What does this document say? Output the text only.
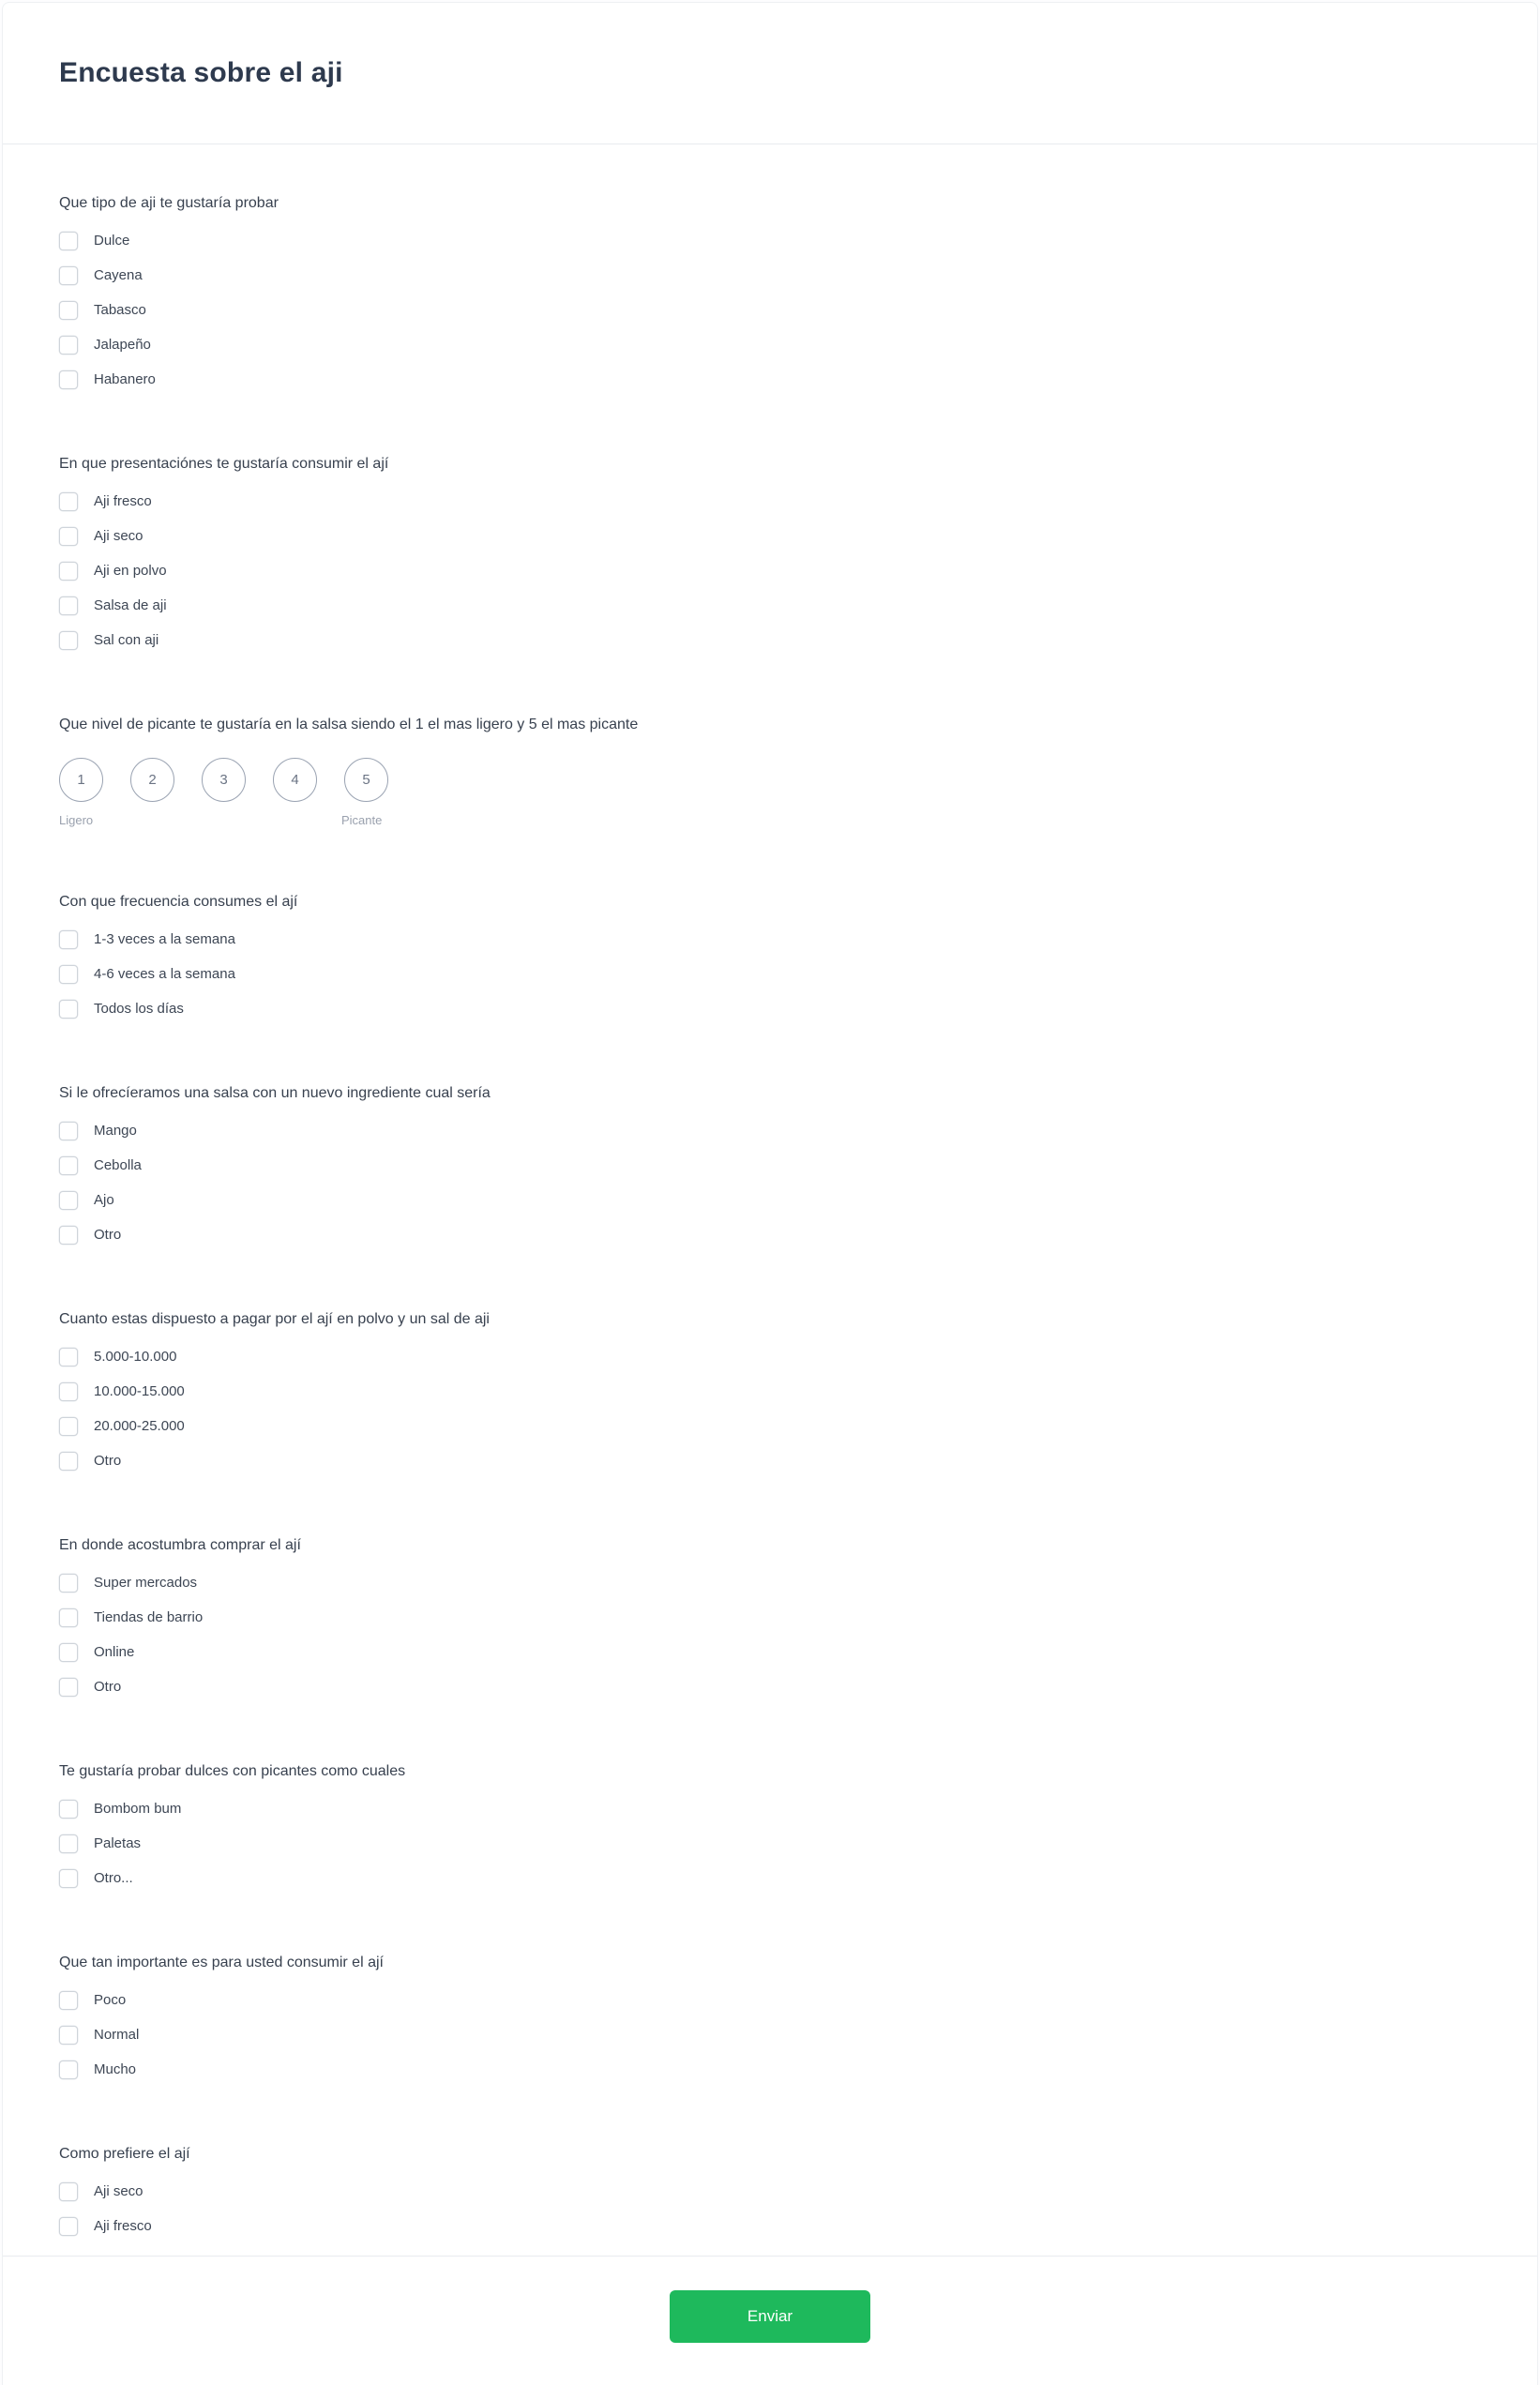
Encuesta sobre el aji
Que tipo de aji te gustaría probar
Dulce
Cayena
Tabasco
Jalapeño
Habanero
En que presentaciónes te gustaría consumir el ají
Aji fresco
Aji seco
Aji en polvo
Salsa de aji
Sal con aji
Que nivel de picante te gustaría en la salsa siendo el 1 el mas ligero y 5 el mas picante
1	2	3	4	5
Ligero	Picante
Con que frecuencia consumes el ají
1-3 veces a la semana
4-6 veces a la semana
Todos los días
Si le ofrecíeramos una salsa con un nuevo ingrediente cual sería
Mango
Cebolla
Ajo
Otro
Cuanto estas dispuesto a pagar por el ají en polvo y un sal de aji
5.000-10.000
10.000-15.000
20.000-25.000
Otro
En donde acostumbra comprar el ají
Super mercados
Tiendas de barrio
Online
Otro
Te gustaría probar dulces con picantes como cuales
Bombom bum
Paletas
Otro...
Que tan importante es para usted consumir el ají
Poco
Normal
Mucho
Como prefiere el ají
Aji seco
Aji fresco
Enviar
